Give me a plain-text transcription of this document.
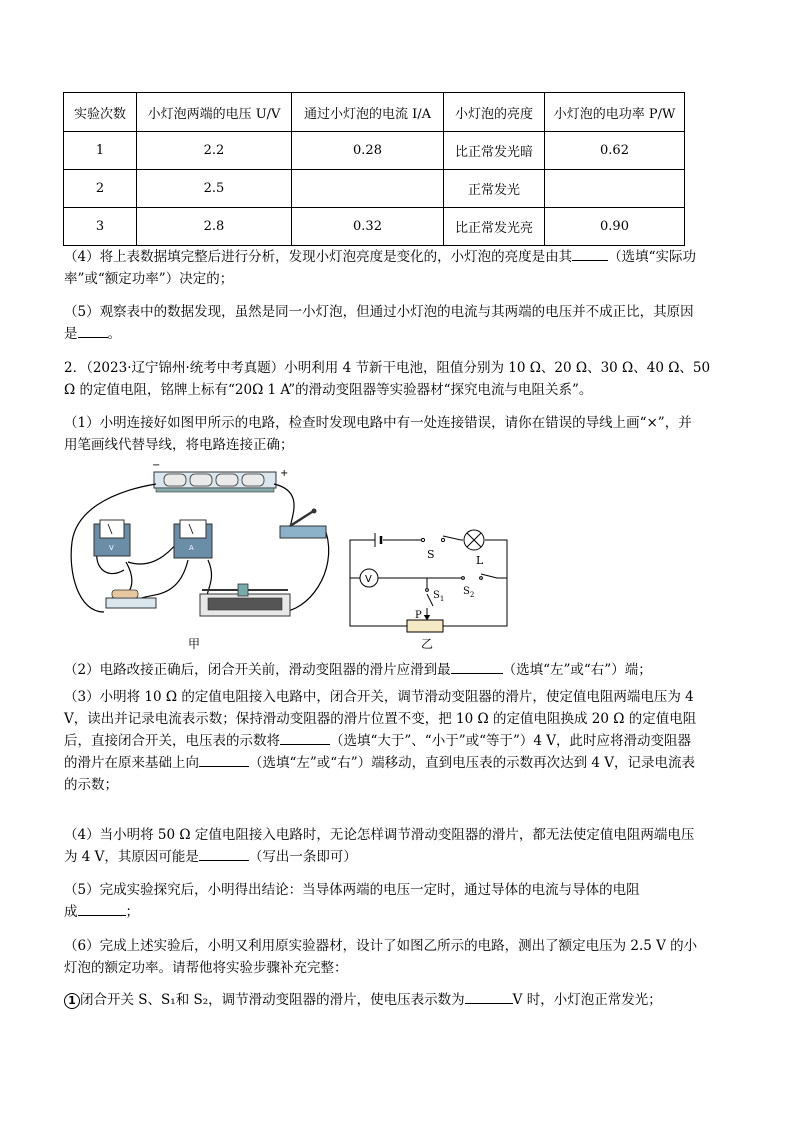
实验次数	小灯泡两端的电压 U/V	通过小灯泡的电流 I/A	小灯泡的亮度	小灯泡的电功率 P/W
1	2.2	0.28	比正常发光暗	0.62
2	2.5		正常发光	
3	2.8	0.32	比正常发光亮	0.90
（4）将上表数据填完整后进行分析，发现小灯泡亮度是变化的，小灯泡的亮度是由其	（选填“实际功
率”或“额定功率”）决定的；
（5）观察表中的数据发现，虽然是同一小灯泡，但通过小灯泡的电流与其两端的电压并不成正比，其原因
是 。
2．（2023·辽宁锦州·统考中考真题）小明利用 4 节新干电池，阻值分别为 10 Ω、20 Ω、30 Ω、40 Ω、50
Ω 的定值电阻，铭牌上标有“20Ω 1 A”的滑动变阻器等实验器材“探究电流与电阻关系”。
（1）小明连接好如图甲所示的电路，检查时发现电路中有一处连接错误，请你在错误的导线上画“×”，并
用笔画线代替导线，将电路连接正确；
−
+
V	A
甲
S	L
V
$S_1$
$S_2$
P
乙
（2）电路改接正确后，闭合开关前，滑动变阻器的滑片应滑到最	（选填“左”或“右”）端；
（3）小明将 10 Ω 的定值电阻接入电路中，闭合开关，调节滑动变阻器的滑片，使定值电阻两端电压为 4
V，读出并记录电流表示数；保持滑动变阻器的滑片位置不变，把 10 Ω 的定值电阻换成 20 Ω 的定值电阻
后，直接闭合开关，电压表的示数将	（选填“大于”、“小于”或“等于”）4 V，此时应将滑动变阻器
的滑片在原来基础上向	（选填“左”或“右”）端移动，直到电压表的示数再次达到 4 V，记录电流表
的示数；
（4）当小明将 50 Ω 定值电阻接入电路时，无论怎样调节滑动变阻器的滑片，都无法使定值电阻两端电压
为 4 V，其原因可能是	（写出一条即可）
（5）完成实验探究后，小明得出结论：当导体两端的电压一定时，通过导体的电流与导体的电阻
成	；
（6）完成上述实验后，小明又利用原实验器材，设计了如图乙所示的电路，测出了额定电压为 2.5 V 的小
灯泡的额定功率。请帮他将实验步骤补充完整：
1 闭合开关 S、S₁和 S₂，调节滑动变阻器的滑片，使电压表示数为	V 时，小灯泡正常发光；
